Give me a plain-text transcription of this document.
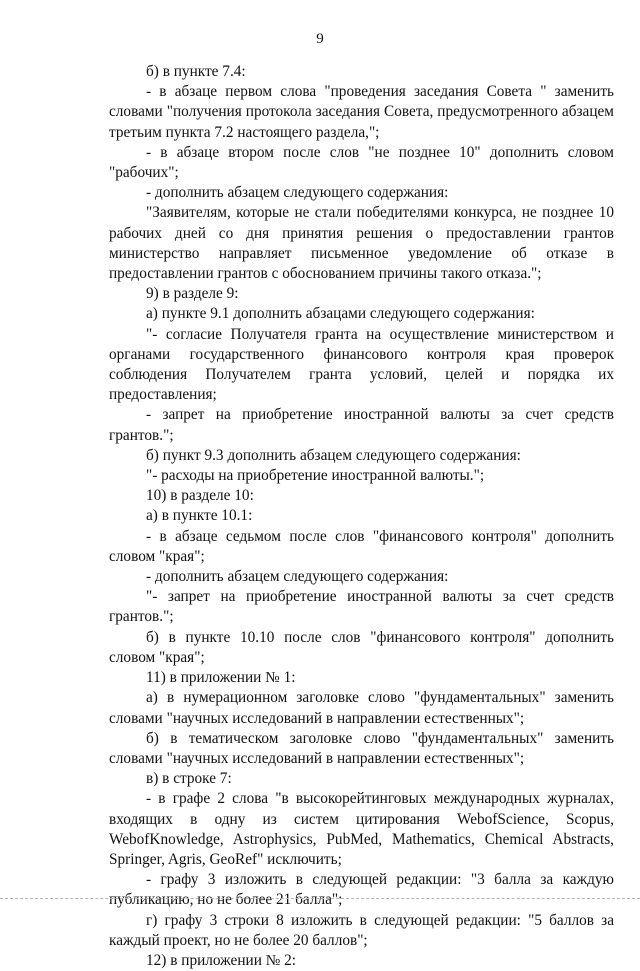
9

б) в пункте 7.4:

- в абзаце первом слова "проведения заседания Совета " заменить словами "получения протокола заседания Совета, предусмотренного абзацем третьим пункта 7.2 настоящего раздела,";

- в абзаце втором после слов "не позднее 10" дополнить словом "рабочих";

- дополнить абзацем следующего содержания:

"Заявителям, которые не стали победителями конкурса, не позднее 10 рабочих дней со дня принятия решения о предоставлении грантов министерство направляет письменное уведомление об отказе в предоставлении грантов с обоснованием причины такого отказа.";

9) в разделе 9:

а) пункте 9.1 дополнить абзацами следующего содержания:

"- согласие Получателя гранта на осуществление министерством и органами государственного финансового контроля края проверок соблюдения Получателем гранта условий, целей и порядка их предоставления;

- запрет на приобретение иностранной валюты за счет средств грантов.";

б) пункт 9.3 дополнить абзацем следующего содержания:

"- расходы на приобретение иностранной валюты.";

10) в разделе 10:

а) в пункте 10.1:

- в абзаце седьмом после слов "финансового контроля" дополнить словом "края";

- дополнить абзацем следующего содержания:

"- запрет на приобретение иностранной валюты за счет средств грантов.";

б) в пункте 10.10 после слов "финансового контроля" дополнить словом "края";

11) в приложении № 1:

а) в нумерационном заголовке слово "фундаментальных" заменить словами "научных исследований в направлении естественных";

б) в тематическом заголовке слово "фундаментальных" заменить словами "научных исследований в направлении естественных";

в) в строке 7:

- в графе 2 слова "в высокорейтинговых международных журналах, входящих в одну из систем цитирования WebofScience, Scopus, WebofKnowledge, Astrophysics, PubMed, Mathematics, Chemical Abstracts, Springer, Agris, GeoRef" исключить;

- графу 3 изложить в следующей редакции: "3 балла за каждую публикацию, но не более 21 балла";

г) графу 3 строки 8 изложить в следующей редакции: "5 баллов за каждый проект, но не более 20 баллов";

12) в приложении № 2:
